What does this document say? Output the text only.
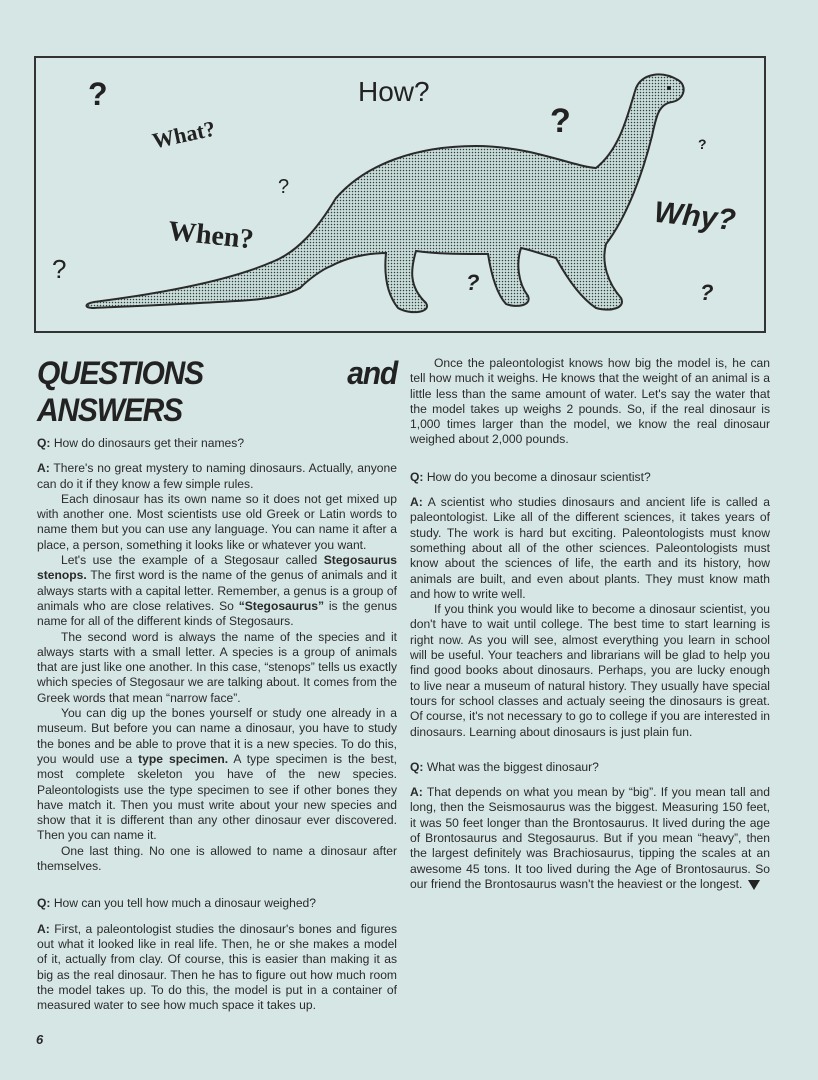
?
What?
How?
?
?
?
When?	Why?
?	?	?
QUESTIONS and ANSWERS

Q: How do dinosaurs get their names?

A: There's no great mystery to naming dinosaurs. Actually, anyone can do it if they know a few simple rules.

Each dinosaur has its own name so it does not get mixed up with another one. Most scientists use old Greek or Latin words to name them but you can use any language. You can name it after a place, a person, something it looks like or whatever you want.

Let's use the example of a Stegosaur called Stegosaurus stenops. The first word is the name of the genus of animals and it always starts with a capital letter. Remember, a genus is a group of animals who are close relatives. So “Stegosaurus” is the genus name for all of the different kinds of Stegosaurs.

The second word is always the name of the species and it always starts with a small letter. A species is a group of animals that are just like one another. In this case, “stenops” tells us exactly which species of Stegosaur we are talking about. It comes from the Greek words that mean “narrow face”.

You can dig up the bones yourself or study one already in a museum. But before you can name a dinosaur, you have to study the bones and be able to prove that it is a new species. To do this, you would use a type specimen. A type specimen is the best, most complete skeleton you have of the new species. Paleontologists use the type specimen to see if other bones they have match it. Then you must write about your new species and show that it is different than any other dinosaur ever discovered. Then you can name it.

One last thing. No one is allowed to name a dinosaur after themselves.

Q: How can you tell how much a dinosaur weighed?

A: First, a paleontologist studies the dinosaur's bones and figures out what it looked like in real life. Then, he or she makes a model of it, actually from clay. Of course, this is easier than making it as big as the real dinosaur. Then he has to figure out how much room the model takes up. To do this, the model is put in a container of measured water to see how much space it takes up.

Once the paleontologist knows how big the model is, he can tell how much it weighs. He knows that the weight of an animal is a little less than the same amount of water. Let's say the water that the model takes up weighs 2 pounds. So, if the real dinosaur is 1,000 times larger than the model, we know the real dinosaur weighed about 2,000 pounds.

Q: How do you become a dinosaur scientist?

A: A scientist who studies dinosaurs and ancient life is called a paleontologist. Like all of the different sciences, it takes years of study. The work is hard but exciting. Paleontologists must know something about all of the other sciences. Paleontologists must know about the sciences of life, the earth and its history, how animals are built, and even about plants. They must know math and how to write well.

If you think you would like to become a dinosaur scientist, you don't have to wait until college. The best time to start learning is right now. As you will see, almost everything you learn in school will be useful. Your teachers and librarians will be glad to help you find good books about dinosaurs. Perhaps, you are lucky enough to live near a museum of natural history. They usually have special tours for school classes and actualy seeing the dinosaurs is great. Of course, it's not necessary to go to college if you are interested in dinosaurs. Learning about dinosaurs is just plain fun.

Q: What was the biggest dinosaur?

A: That depends on what you mean by “big”. If you mean tall and long, then the Seismosaurus was the biggest. Measuring 150 feet, it was 50 feet longer than the Brontosaurus. It lived during the age of Brontosaurus and Stegosaurus. But if you mean “heavy”, then the largest definitely was Brachiosaurus, tipping the scales at an awesome 45 tons. It too lived during the Age of Brontosaurus. So our friend the Brontosaurus wasn't the heaviest or the longest.

6
